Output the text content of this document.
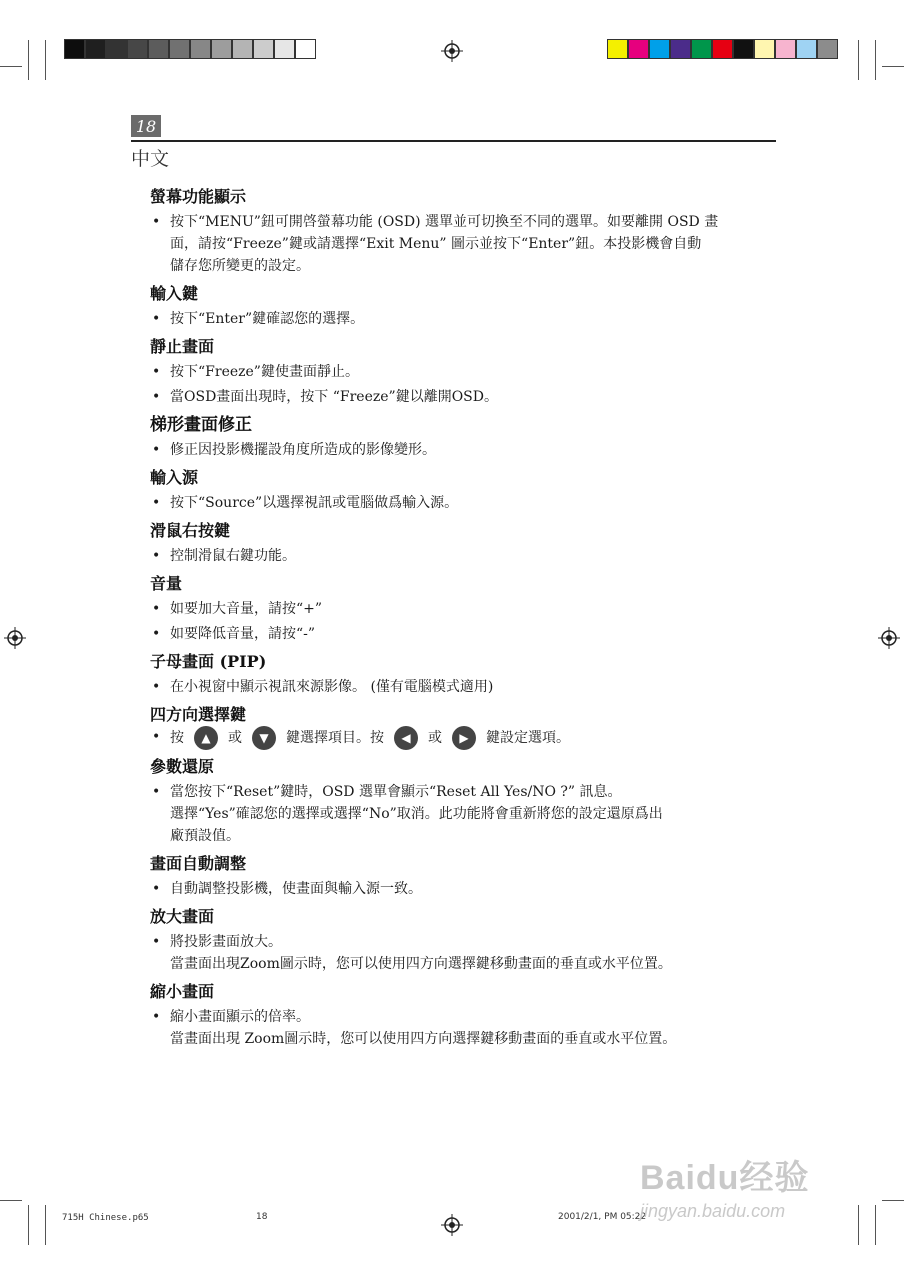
18
中文
螢幕功能顯示
• 按下“MENU”鈕可開啓螢幕功能 (OSD) 選單並可切換至不同的選單。如要離開 OSD 畫
面，請按“Freeze”鍵或請選擇“Exit Menu” 圖示並按下“Enter”鈕。本投影機會自動
儲存您所變更的設定。
輸入鍵
• 按下“Enter”鍵確認您的選擇。
靜止畫面
• 按下“Freeze”鍵使畫面靜止。
• 當OSD畫面出現時，按下 “Freeze”鍵以離開OSD。
梯形畫面修正
• 修正因投影機擺設角度所造成的影像變形。
輸入源
• 按下“Source”以選擇視訊或電腦做爲輸入源。
滑鼠右按鍵
• 控制滑鼠右鍵功能。
音量
• 如要加大音量，請按“+”
• 如要降低音量，請按“-”
子母畫面 (PIP)
• 在小視窗中顯示視訊來源影像。 (僅有電腦模式適用)
四方向選擇鍵
• 按	▲	或	▼	鍵選擇項目。按	◀	或	▶	鍵設定選項。
參數還原
• 當您按下“Reset”鍵時，OSD 選單會顯示“Reset All Yes/NO ?” 訊息。
選擇“Yes”確認您的選擇或選擇“No”取消。此功能將會重新將您的設定還原爲出
廠預設值。
畫面自動調整
• 自動調整投影機，使畫面與輸入源一致。
放大畫面
• 將投影畫面放大。
當畫面出現Zoom圖示時，您可以使用四方向選擇鍵移動畫面的垂直或水平位置。
縮小畫面
• 縮小畫面顯示的倍率。
當畫面出現 Zoom圖示時，您可以使用四方向選擇鍵移動畫面的垂直或水平位置。
715H Chinese.p65	18	2001/2/1, PM 05:22
Baidu经验
jingyan.baidu.com
